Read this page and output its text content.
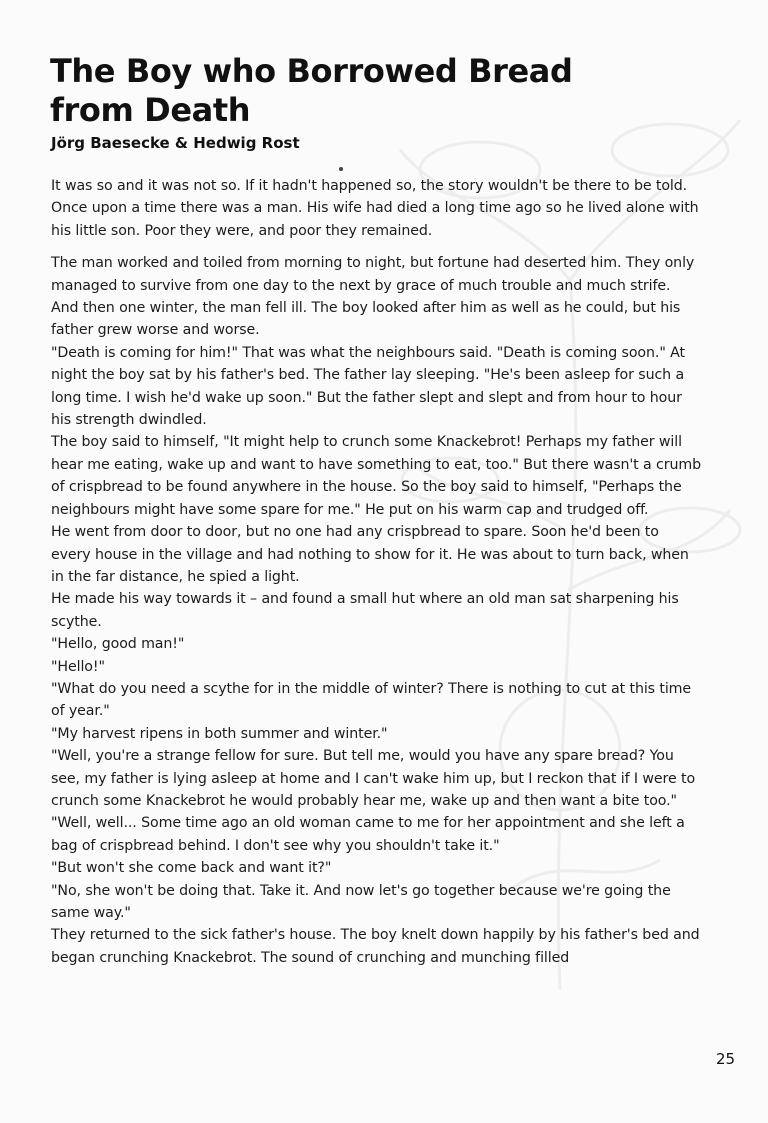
The Boy who Borrowed Bread from Death
Jörg Baesecke & Hedwig Rost

It was so and it was not so. If it hadn't happened so, the story wouldn't be there to be told.

Once upon a time there was a man. His wife had died a long time ago so he lived alone with his little son. Poor they were, and poor they remained.

The man worked and toiled from morning to night, but fortune had deserted him. They only managed to survive from one day to the next by grace of much trouble and much strife. And then one winter, the man fell ill. The boy looked after him as well as he could, but his father grew worse and worse.

"Death is coming for him!" That was what the neighbours said. "Death is coming soon." At night the boy sat by his father's bed. The father lay sleeping. "He's been asleep for such a long time. I wish he'd wake up soon." But the father slept and slept and from hour to hour his strength dwindled.

The boy said to himself, "It might help to crunch some Knackebrot! Perhaps my father will hear me eating, wake up and want to have something to eat, too." But there wasn't a crumb of crispbread to be found anywhere in the house. So the boy said to himself, "Perhaps the neighbours might have some spare for me." He put on his warm cap and trudged off.

He went from door to door, but no one had any crispbread to spare. Soon he'd been to every house in the village and had nothing to show for it. He was about to turn back, when in the far distance, he spied a light.

He made his way towards it – and found a small hut where an old man sat sharpening his scythe.

"Hello, good man!"

"Hello!"

"What do you need a scythe for in the middle of winter? There is nothing to cut at this time of year."

"My harvest ripens in both summer and winter."

"Well, you're a strange fellow for sure. But tell me, would you have any spare bread? You see, my father is lying asleep at home and I can't wake him up, but I reckon that if I were to crunch some Knackebrot he would probably hear me, wake up and then want a bite too."

"Well, well... Some time ago an old woman came to me for her appointment and she left a bag of crispbread behind. I don't see why you shouldn't take it."

"But won't she come back and want it?"

"No, she won't be doing that. Take it. And now let's go together because we're going the same way."

They returned to the sick father's house. The boy knelt down happily by his father's bed and began crunching Knackebrot. The sound of crunching and munching filled

25
